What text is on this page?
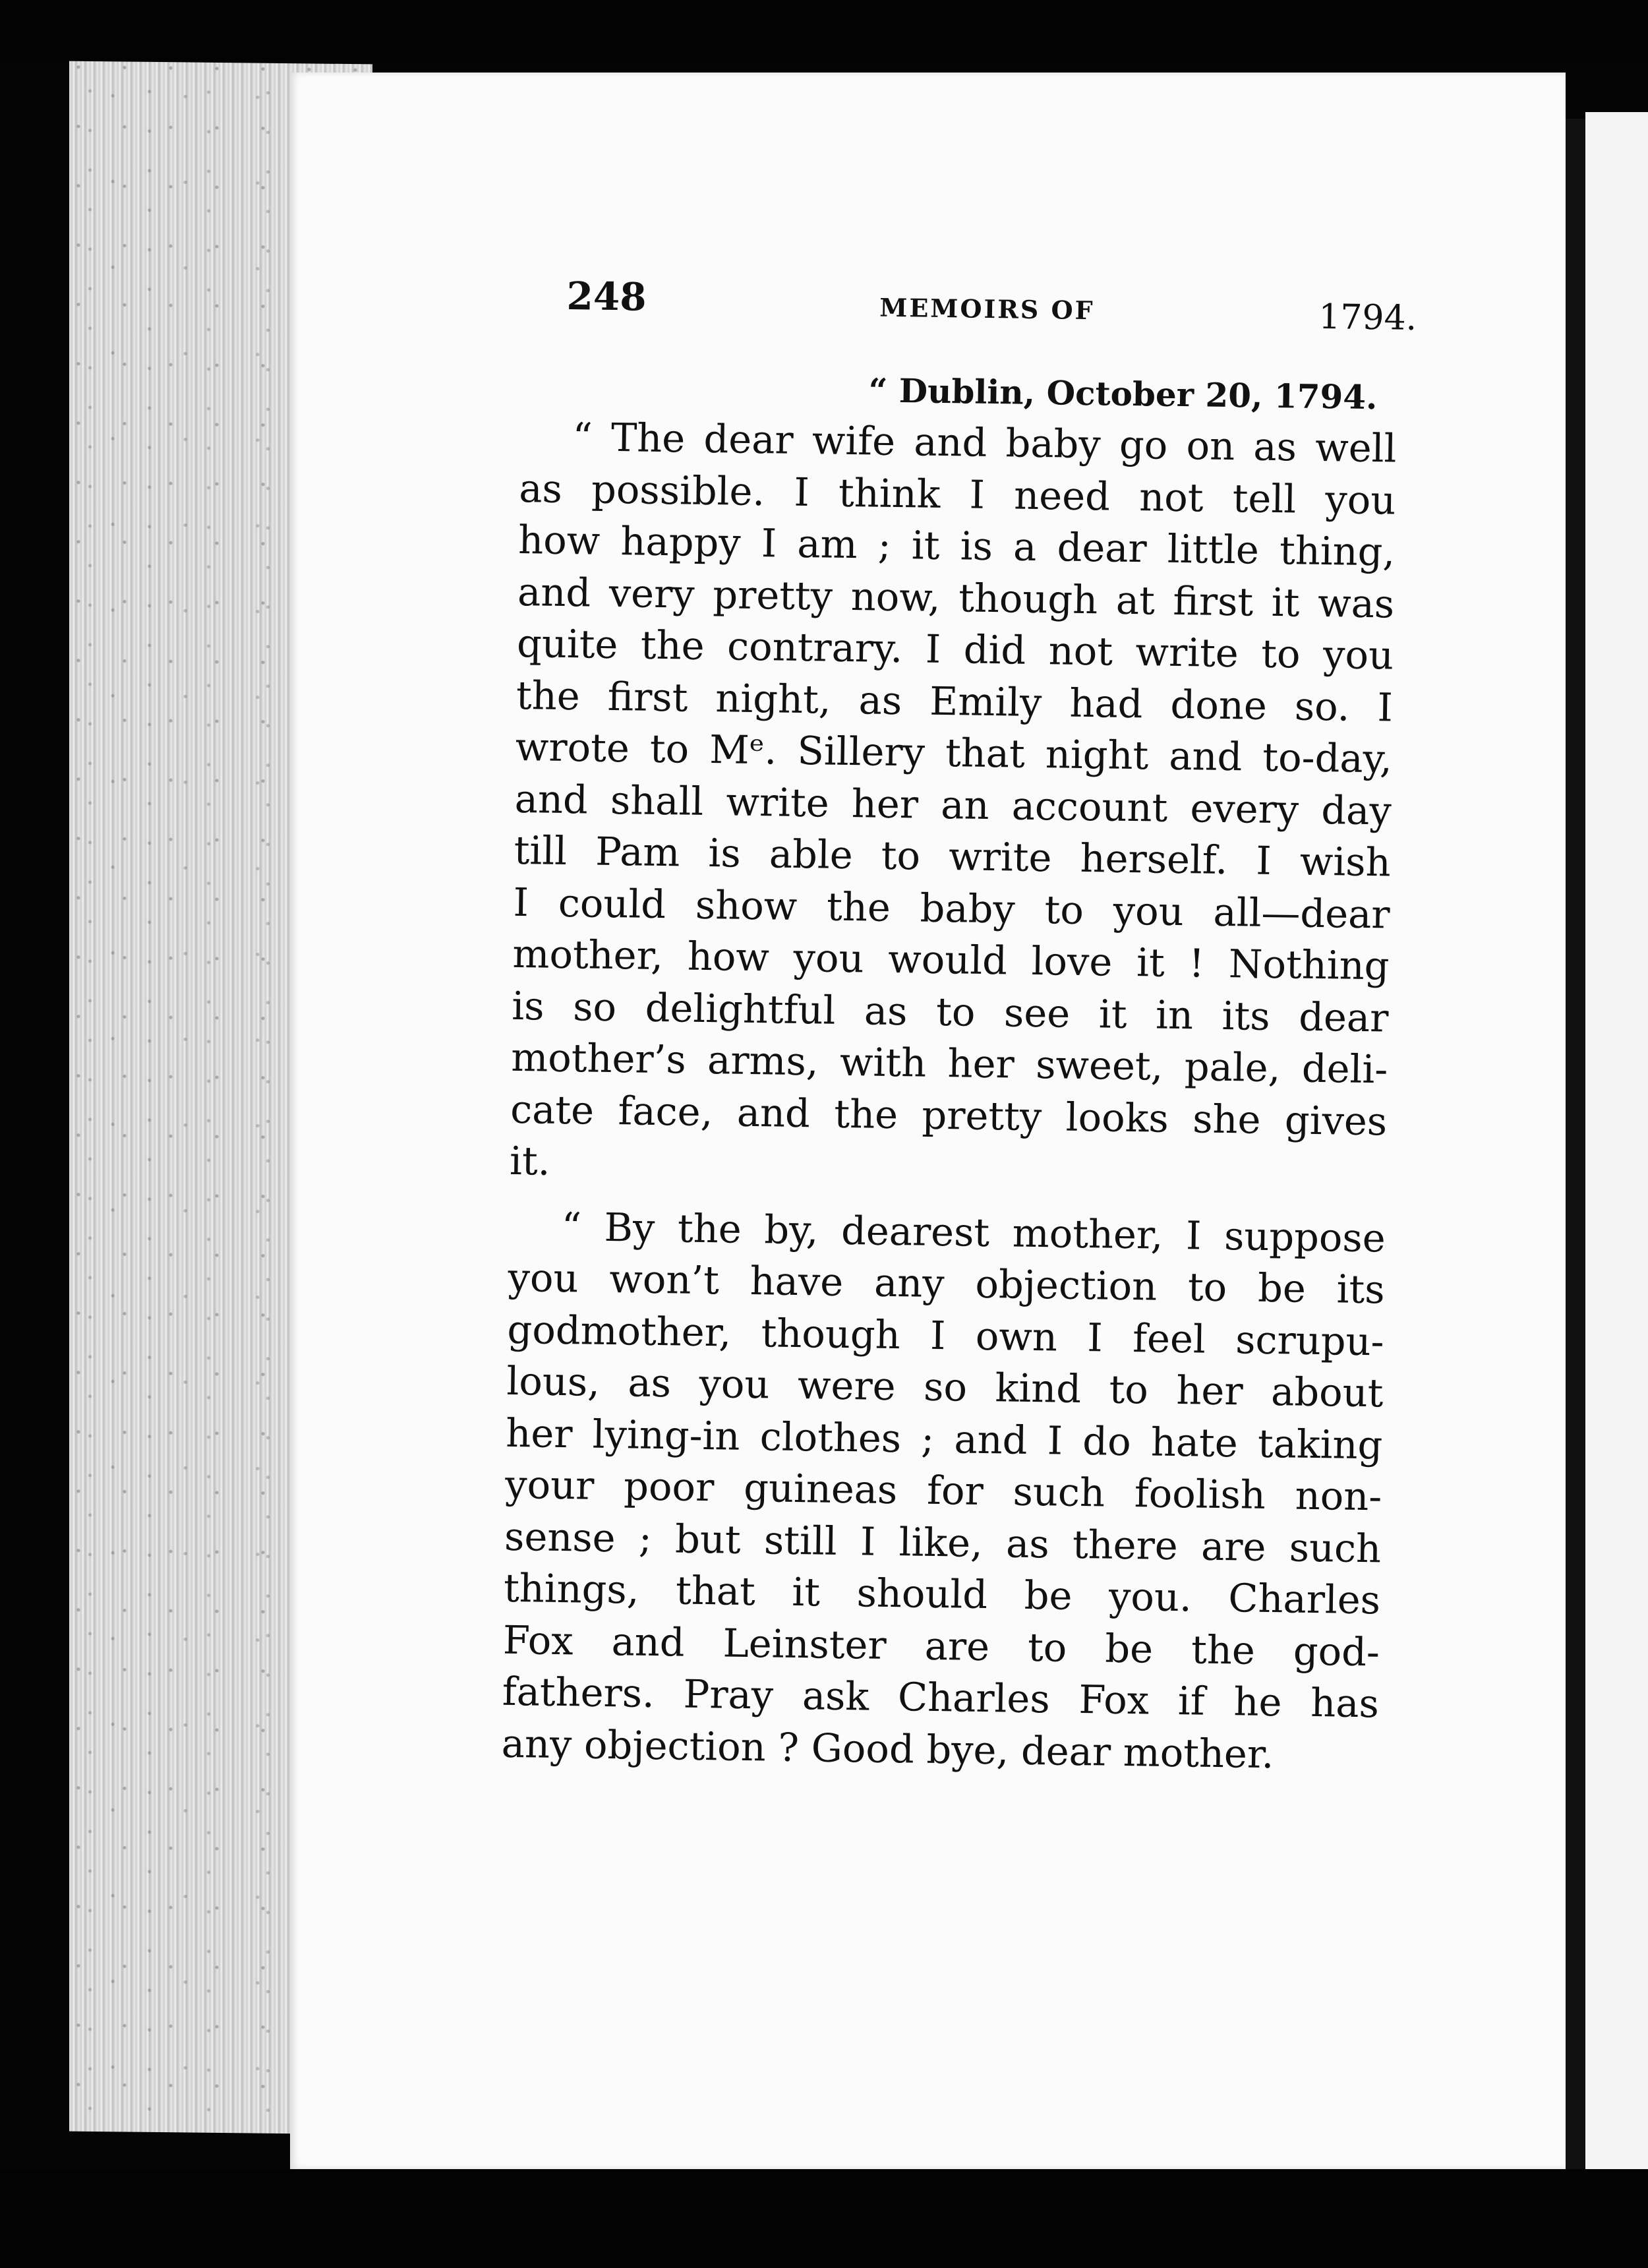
248	MEMOIRS OF	1794.
“ Dublin, October 20, 1794.

“ The dear wife and baby go on as well
as possible. I think I need not tell you
how happy I am ; it is a dear little thing,
and very pretty now, though at first it was
quite the contrary. I did not write to you
the first night, as Emily had done so. I
wrote to Mᵉ. Sillery that night and to-day,
and shall write her an account every day
till Pam is able to write herself. I wish
I could show the baby to you all—dear
mother, how you would love it ! Nothing
is so delightful as to see it in its dear
mother’s arms, with her sweet, pale, deli-
cate face, and the pretty looks she gives
it.

“ By the by, dearest mother, I suppose
you won’t have any objection to be its
godmother, though I own I feel scrupu-
lous, as you were so kind to her about
her lying-in clothes ; and I do hate taking
your poor guineas for such foolish non-
sense ; but still I like, as there are such
things, that it should be you. Charles
Fox and Leinster are to be the god-
fathers. Pray ask Charles Fox if he has
any objection ? Good bye, dear mother.
